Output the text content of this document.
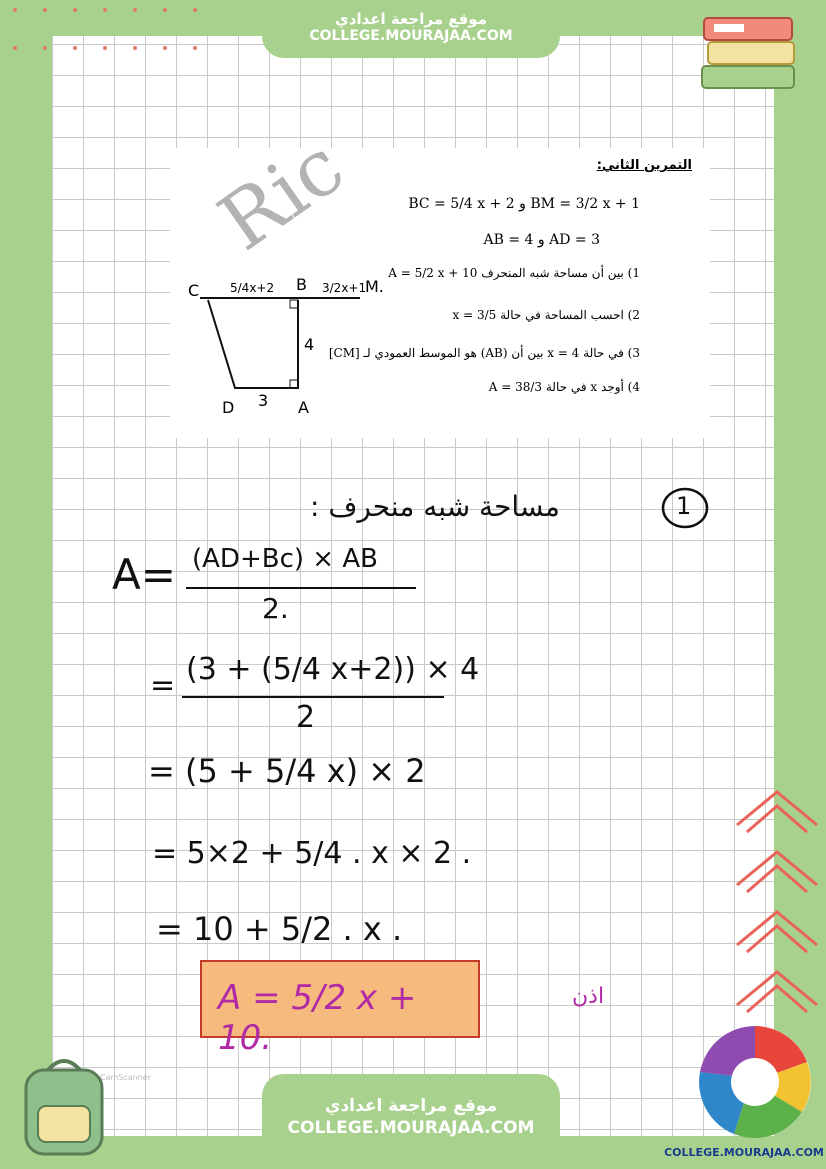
موقع مراجعة اعدادي
COLLEGE.MOURAJAA.COM
التمرين الثاني:
BM = 3/2 x + 1 و BC = 5/4 x + 2
AD = 3 و AB = 4
1) بين أن مساحة شبه المنحرف A = 5/2 x + 10
2) احسب المساحة في حالة x = 3/5
3) في حالة x = 4 بين أن (AB) هو الموسط العمودي لـ [CM]
4) أوجد x في حالة A = 38/3
C	B	M.
D	A
5/4x+2	3/2x+1
4
3
Ric
مساحة شبه منحرف :	1
A= (AD+Bc) × AB
2.
= (3 + (5/4 x+2)) × 4
2
= (5 + 5/4 x) × 2
= 5×2 + 5/4 . x × 2 .
= 10 + 5/2 . x .
A = 5/2 x + 10.
اذن
CamScanner
موقع مراجعة اعدادي
COLLEGE.MOURAJAA.COM
COLLEGE.MOURAJAA.COM
